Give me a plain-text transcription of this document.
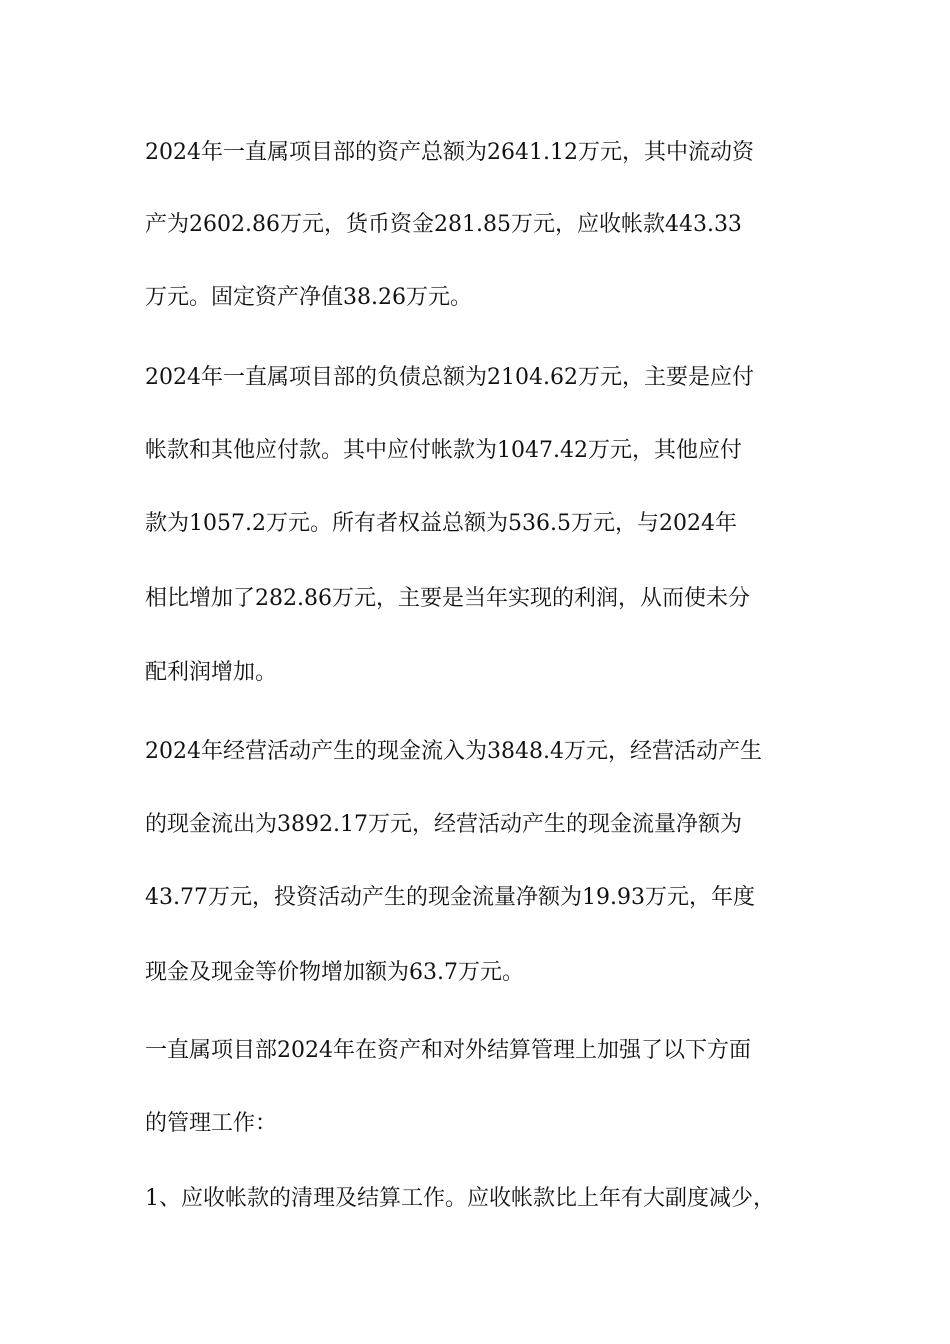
2024年一直属项目部的资产总额为2641.12万元，其中流动资
产为2602.86万元，货币资金281.85万元，应收帐款443.33
万元。固定资产净值38.26万元。
2024年一直属项目部的负债总额为2104.62万元，主要是应付
帐款和其他应付款。其中应付帐款为1047.42万元，其他应付
款为1057.2万元。所有者权益总额为536.5万元，与2024年
相比增加了282.86万元，主要是当年实现的利润，从而使未分
配利润增加。
2024年经营活动产生的现金流入为3848.4万元，经营活动产生
的现金流出为3892.17万元，经营活动产生的现金流量净额为
43.77万元，投资活动产生的现金流量净额为19.93万元，年度
现金及现金等价物增加额为63.7万元。
一直属项目部2024年在资产和对外结算管理上加强了以下方面
的管理工作：
1、应收帐款的清理及结算工作。应收帐款比上年有大副度减少，
